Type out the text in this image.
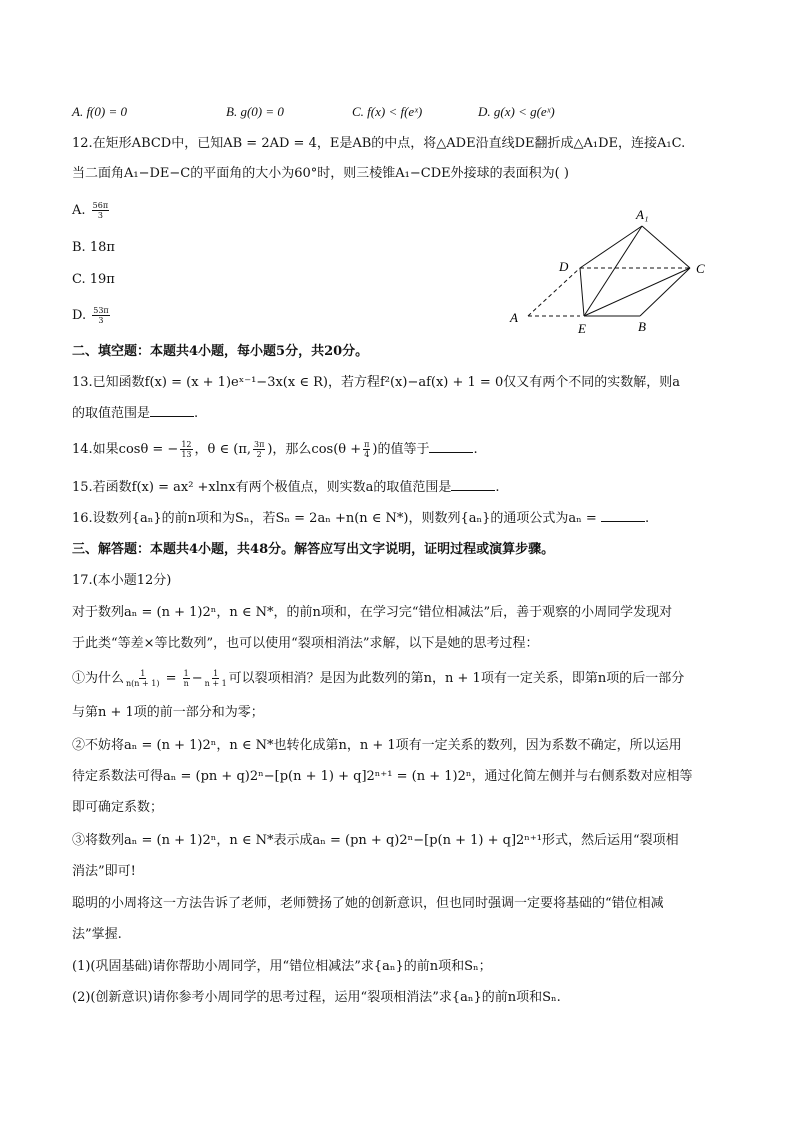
A. f(0) = 0	B. g(0) = 0	C. f(x) < f(eˣ)	D. g(x) < g(eˣ)
12.在矩形ABCD中，已知AB = 2AD = 4，E是AB的中点，将△ADE沿直线DE翻折成△A₁DE，连接A₁C.
当二面角A₁−DE−C的平面角的大小为60°时，则三棱锥A₁−CDE外接球的表面积为( )
A. $\frac{56\pi}{3}$
B. 18π
C. 19π
D. $\frac{53\pi}{3}$
A₁
D	C
A
E	B
二、填空题：本题共4小题，每小题5分，共20分。
13.已知函数f(x) = (x + 1)eˣ⁻¹−3x(x ∈ R)，若方程f²(x)−af(x) + 1 = 0仅又有两个不同的实数解，则a
的取值范围是	.
14.如果cosθ = − $\frac{12}{13}$ ，θ ∈ (π, $\frac{3\pi}{2}$ )，那么$\cos(\theta + \frac{\pi}{4}$ )的值等于	.
15.若函数f(x) = ax² +xlnx有两个极值点，则实数a的取值范围是	.
16.设数列{aₙ}的前n项和为Sₙ，若Sₙ = 2aₙ +n(n ∈ N*)，则数列{aₙ}的通项公式为aₙ =	.
三、解答题：本题共4小题，共48分。解答应写出文字说明，证明过程或演算步骤。
17.(本小题12分)
对于数列aₙ = (n + 1)2ⁿ，n ∈ N*，的前n项和，在学习完“错位相减法”后，善于观察的小周同学发现对
于此类“等差×等比数列”，也可以使用“裂项相消法”求解，以下是她的思考过程：
①为什么 $\frac{1}{n(n + 1)} = \frac{1}{n} - \frac{1}{n + 1}$ 可以裂项相消？是因为此数列的第n，n + 1项有一定关系，即第n项的后一部分
与第n + 1项的前一部分和为零；
②不妨将aₙ = (n + 1)2ⁿ，n ∈ N*也转化成第n，n + 1项有一定关系的数列，因为系数不确定，所以运用
待定系数法可得aₙ = (pn + q)2ⁿ−[p(n + 1) + q]2ⁿ⁺¹ = (n + 1)2ⁿ，通过化简左侧并与右侧系数对应相等
即可确定系数；
③将数列aₙ = (n + 1)2ⁿ，n ∈ N*表示成aₙ = (pn + q)2ⁿ−[p(n + 1) + q]2ⁿ⁺¹形式，然后运用“裂项相
消法”即可!
聪明的小周将这一方法告诉了老师，老师赞扬了她的创新意识，但也同时强调一定要将基础的“错位相减
法”掌握.
(1)(巩固基础)请你帮助小周同学，用“错位相减法”求{aₙ}的前n项和Sₙ；
(2)(创新意识)请你参考小周同学的思考过程，运用“裂项相消法”求{aₙ}的前n项和Sₙ.
